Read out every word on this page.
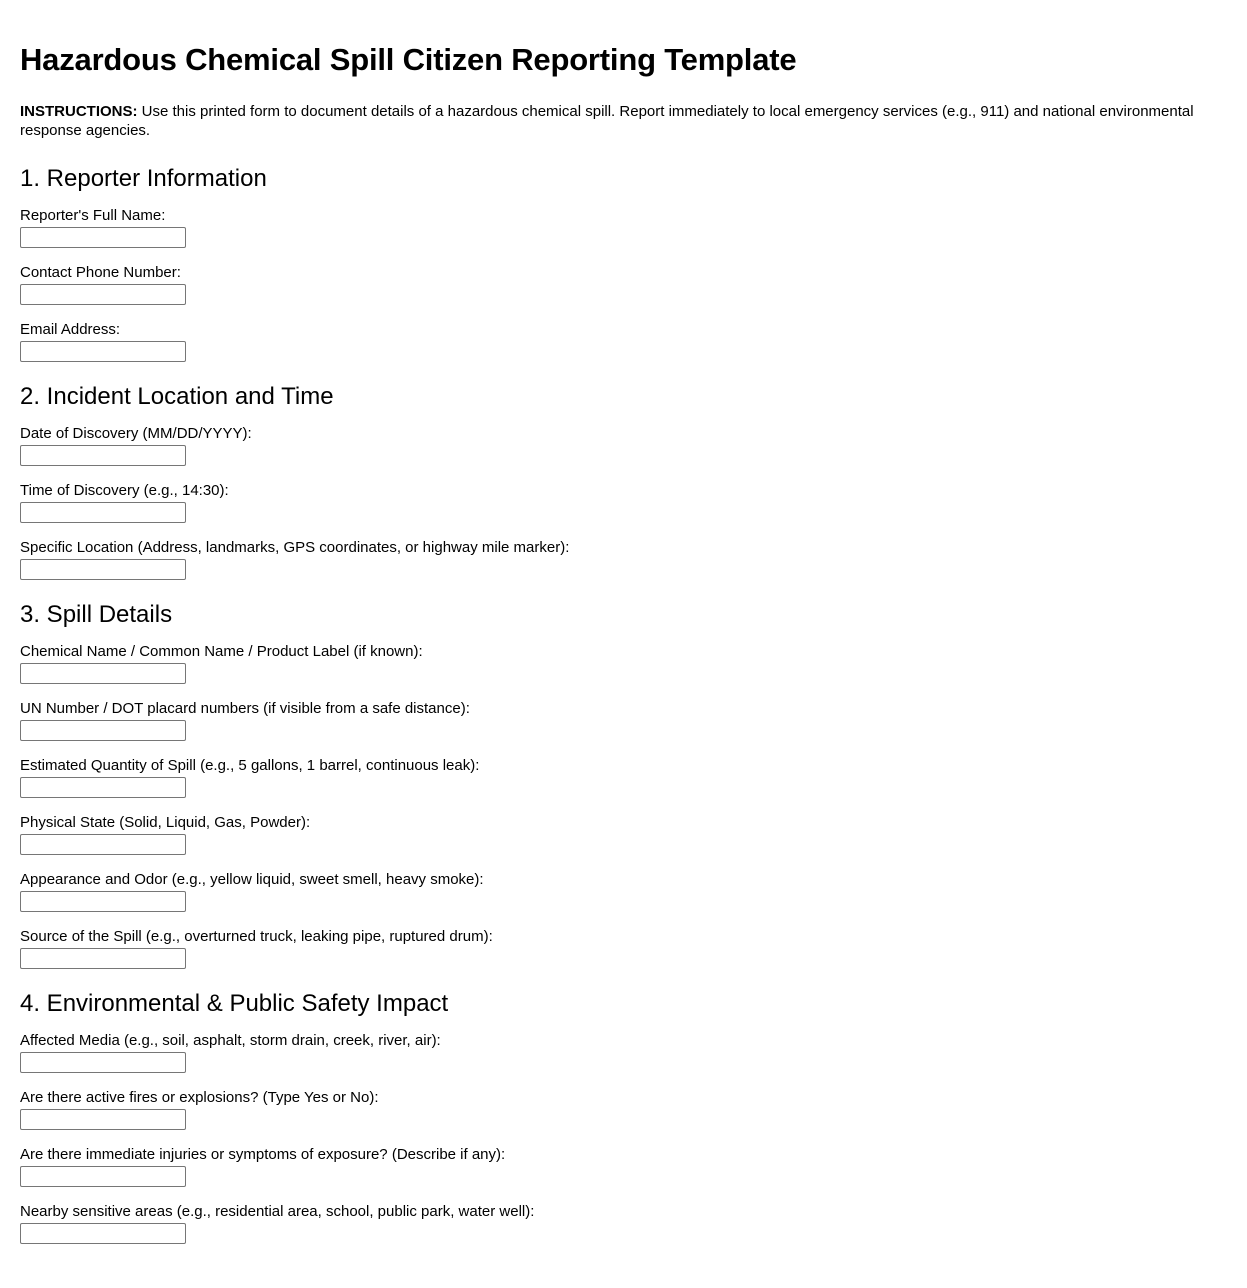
Hazardous Chemical Spill Citizen Reporting Template

INSTRUCTIONS: Use this printed form to document details of a hazardous chemical spill. Report immediately to local emergency services (e.g., 911) and national environmental response agencies.

1. Reporter Information
Reporter's Full Name:
Contact Phone Number:
Email Address:
2. Incident Location and Time
Date of Discovery (MM/DD/YYYY):
Time of Discovery (e.g., 14:30):
Specific Location (Address, landmarks, GPS coordinates, or highway mile marker):
3. Spill Details
Chemical Name / Common Name / Product Label (if known):
UN Number / DOT placard numbers (if visible from a safe distance):
Estimated Quantity of Spill (e.g., 5 gallons, 1 barrel, continuous leak):
Physical State (Solid, Liquid, Gas, Powder):
Appearance and Odor (e.g., yellow liquid, sweet smell, heavy smoke):
Source of the Spill (e.g., overturned truck, leaking pipe, ruptured drum):
4. Environmental & Public Safety Impact
Affected Media (e.g., soil, asphalt, storm drain, creek, river, air):
Are there active fires or explosions? (Type Yes or No):
Are there immediate injuries or symptoms of exposure? (Describe if any):
Nearby sensitive areas (e.g., residential area, school, public park, water well):
